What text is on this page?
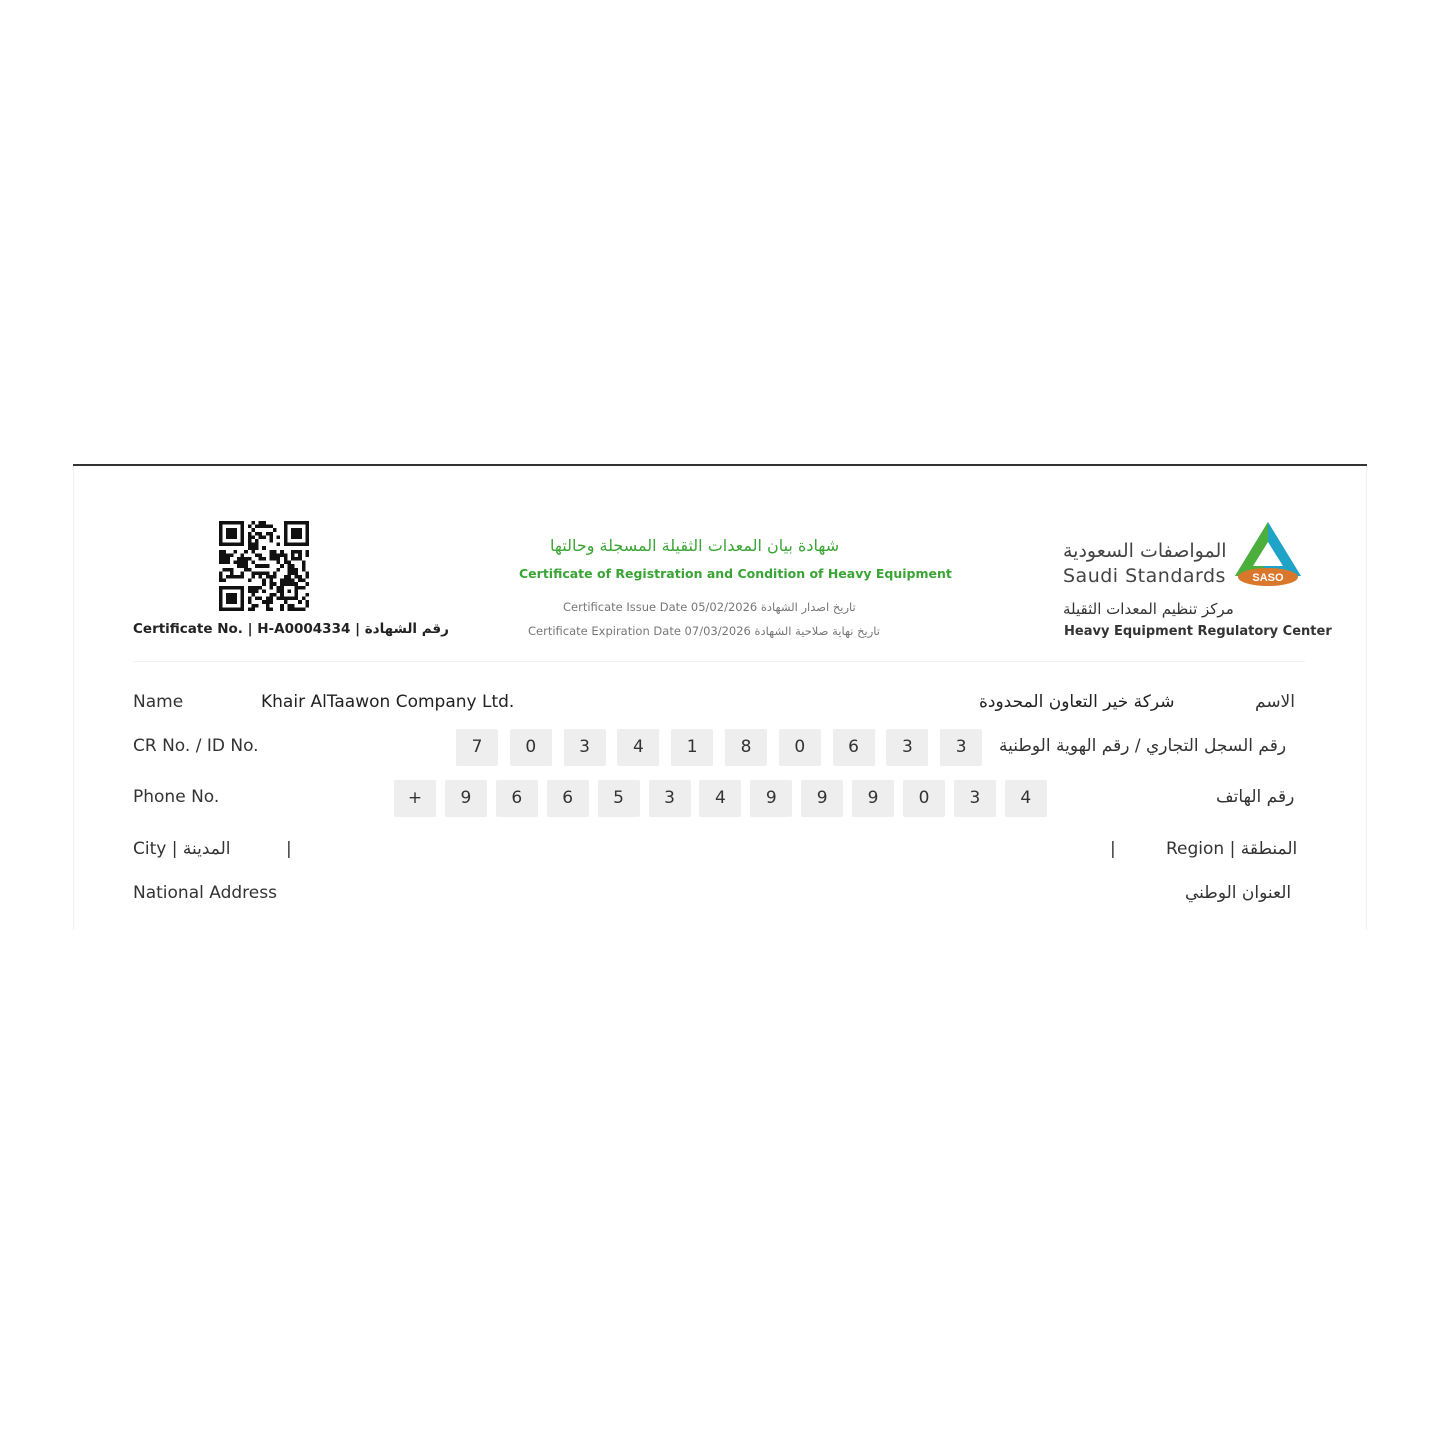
SASO
المواصفات السعودية
Saudi Standards
مركز تنظيم المعدات الثقيلة
Heavy Equipment Regulatory Center
شهادة بيان المعدات الثقيلة المسجلة وحالتها
Certificate of Registration and Condition of Heavy Equipment
Certificate Issue Date 05/02/2026 تاريخ اصدار الشهادة
Certificate Expiration Date 07/03/2026 تاريخ نهاية صلاحية الشهادة
Certificate No. | H-A0004334 | رقم الشهادة
Name	Khair AlTaawon Company Ltd.	شركة خير التعاون المحدودة	الاسم
CR No. / ID No.	7	0	3	4	1	8	0	6	3	3	رقم السجل التجاري / رقم الهوية الوطنية
Phone No.	+	9	6	6	5	3	4	9	9	9	0	3	4	رقم الهاتف
City | المدينة	|	|	Region | المنطقة
National Address	العنوان الوطني
